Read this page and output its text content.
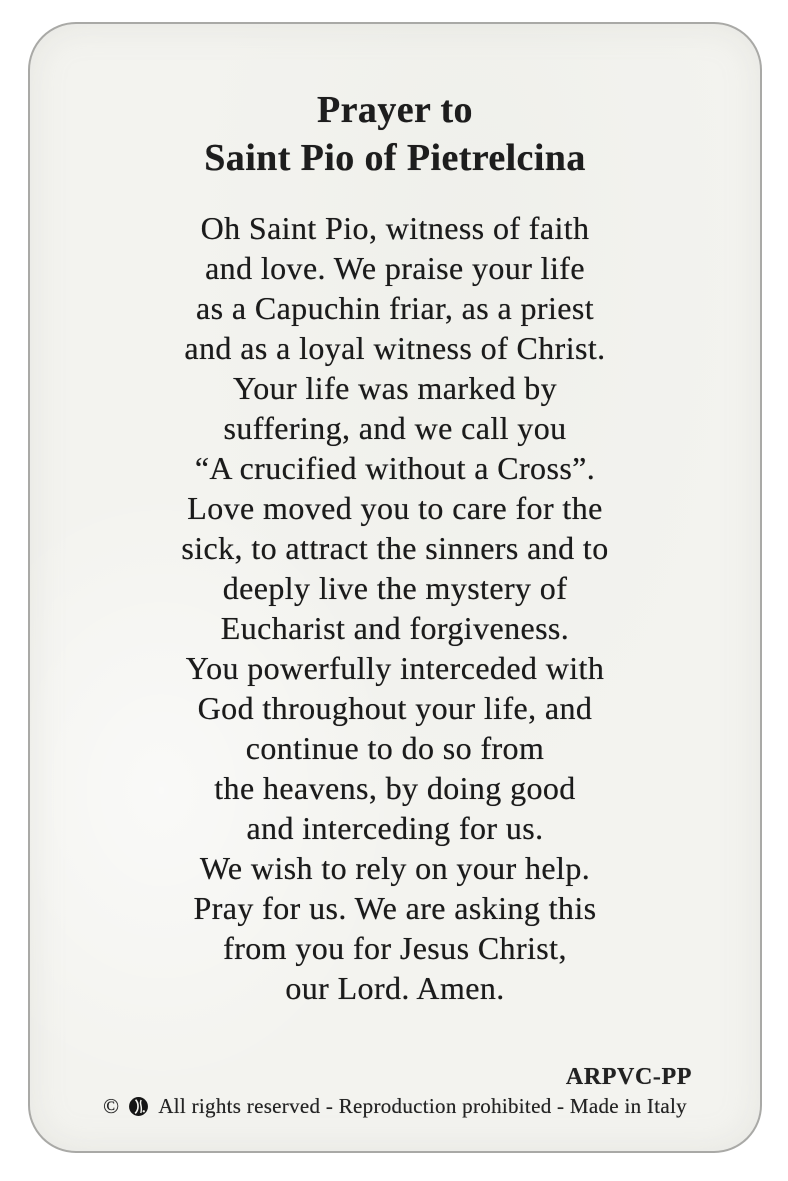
Prayer to
Saint Pio of Pietrelcina
Oh Saint Pio, witness of faith
and love. We praise your life
as a Capuchin friar, as a priest
and as a loyal witness of Christ.
Your life was marked by
suffering, and we call you
“A crucified without a Cross”.
Love moved you to care for the
sick, to attract the sinners and to
deeply live the mystery of
Eucharist and forgiveness.
You powerfully interceded with
God throughout your life, and
continue to do so from
the heavens, by doing good
and interceding for us.
We wish to rely on your help.
Pray for us. We are asking this
from you for Jesus Christ,
our Lord. Amen.
ARPVC-PP
© All rights reserved - Reproduction prohibited - Made in Italy
